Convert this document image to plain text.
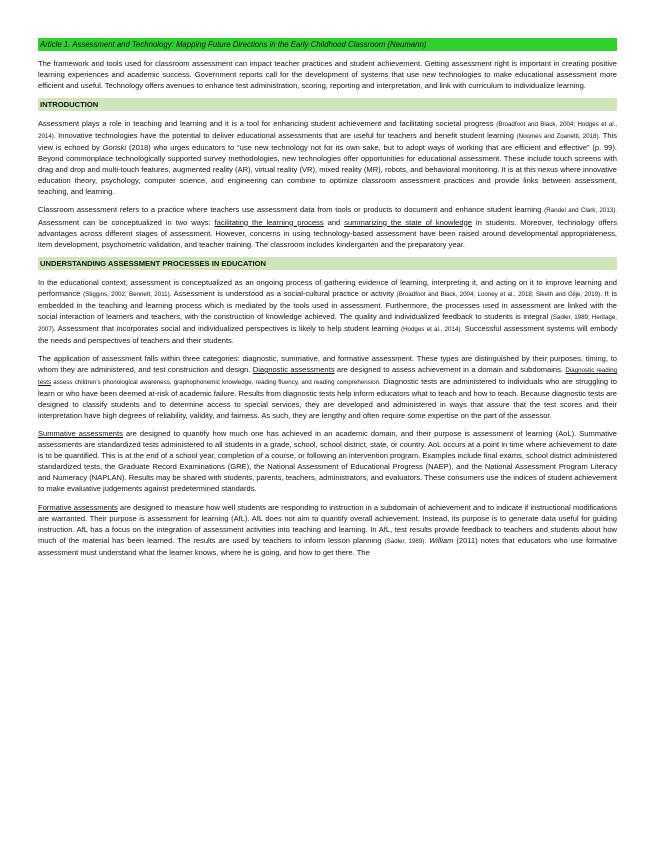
Article 1. Assessment and Technology: Mapping Future Directions in the Early Childhood Classroom (Neumann)

The framework and tools used for classroom assessment can impact teacher practices and student achievement. Getting assessment right is important in creating positive learning experiences and academic success. Government reports call for the development of systems that use new technologies to make educational assessment more efficient and useful. Technology offers avenues to enhance test administration, scoring, reporting and interpretation, and link with curriculum to individualize learning.

INTRODUCTION

Assessment plays a role in teaching and learning and it is a tool for enhancing student achievement and facilitating societal progress (Broadfoot and Black, 2004; Hodges et al., 2014). Innovative technologies have the potential to deliver educational assessments that are useful for teachers and benefit student learning (Noomes and Zoanetti, 2018). This view is echoed by Gonski (2018) who urges educators to “use new technology not for its own sake, but to adopt ways of working that are efficient and effective” (p. 99). Beyond commonplace technologically supported survey methodologies, new technologies offer opportunities for educational assessment. These include touch screens with drag and drop and multi-touch features, augmented reality (AR), virtual reality (VR), mixed reality (MR), robots, and behavioral monitoring. It is at this nexus where innovative education theory, psychology, computer science, and engineering can combine to optimize classroom assessment practices and provide links between assessment, teaching, and learning.

Classroom assessment refers to a practice where teachers use assessment data from tools or products to document and enhance student learning (Randel and Clark, 2013). Assessment can be conceptualized in two ways: facilitating the learning process and summarizing the state of knowledge in students. Moreover, technology offers advantages across different stages of assessment. However, concerns in using technology-based assessment have been raised around developmental appropriateness, item development, psychometric validation, and teacher training. The classroom includes kindergarten and the preparatory year.

UNDERSTANDING ASSESSMENT PROCESSES IN EDUCATION

In the educational context, assessment is conceptualized as an ongoing process of gathering evidence of learning, interpreting it, and acting on it to improve learning and performance (Stiggins, 2002; Bennett, 2011). Assessment is understood as a social-cultural practice or activity (Broadfoot and Black, 2004; Looney et al., 2018; Siketh and Gilje, 2019). It is embedded in the teaching and learning process which is mediated by the tools used in assessment. Furthermore, the processes used in assessment are linked with the social interaction of learners and teachers, with the construction of knowledge achieved. The quality and individualized feedback to students is integral (Sadler, 1989; Heritage, 2007). Assessment that incorporates social and individualized perspectives is likely to help student learning (Hodges et al., 2014). Successful assessment systems will embody the needs and perspectives of teachers and their students.

The application of assessment falls within three categories: diagnostic, summative, and formative assessment. These types are distinguished by their purposes, timing, to whom they are administered, and test construction and design. Diagnostic assessments are designed to assess achievement in a domain and subdomains. Diagnostic reading tests assess children’s phonological awareness, graphophonemic knowledge, reading fluency, and reading comprehension. Diagnostic tests are administered to individuals who are struggling to learn or who have been deemed at-risk of academic failure. Results from diagnostic tests help inform educators what to teach and how to teach. Because diagnostic tests are designed to classify students and to determine access to special services, they are developed and administered in ways that assure that the test scores and their interpretation have high degrees of reliability, validity, and fairness. As such, they are lengthy and often require some expertise on the part of the assessor.

Summative assessments are designed to quantify how much one has achieved in an academic domain, and their purpose is assessment of learning (AoL). Summative assessments are standardized tests administered to all students in a grade, school, school district, state, or country. AoL occurs at a point in time where achievement to date is to be quantified. This is at the end of a school year, completion of a course, or following an intervention program. Examples include final exams, school district administered standardized tests, the Graduate Record Examinations (GRE), the National Assessment of Educational Progress (NAEP), and the National Assessment Program Literacy and Numeracy (NAPLAN). Results may be shared with students, parents, teachers, administrators, and evaluators. These consumers use the indices of student achievement to make evaluative judgements against predetermined standards.

Formative assessments are designed to measure how well students are responding to instruction in a subdomain of achievement and to indicate if instructional modifications are warranted. Their purpose is assessment for learning (AfL). AfL does not aim to quantify overall achievement. Instead, its purpose is to generate data useful for guiding instruction. AfL has a focus on the integration of assessment activities into teaching and learning. In AfL, test results provide feedback to teachers and students about how much of the material has been learned. The results are used by teachers to inform lesson planning (Sadler, 1989). William (2011) notes that educators who use formative assessment must understand what the learner knows, where he is going, and how to get there. The
